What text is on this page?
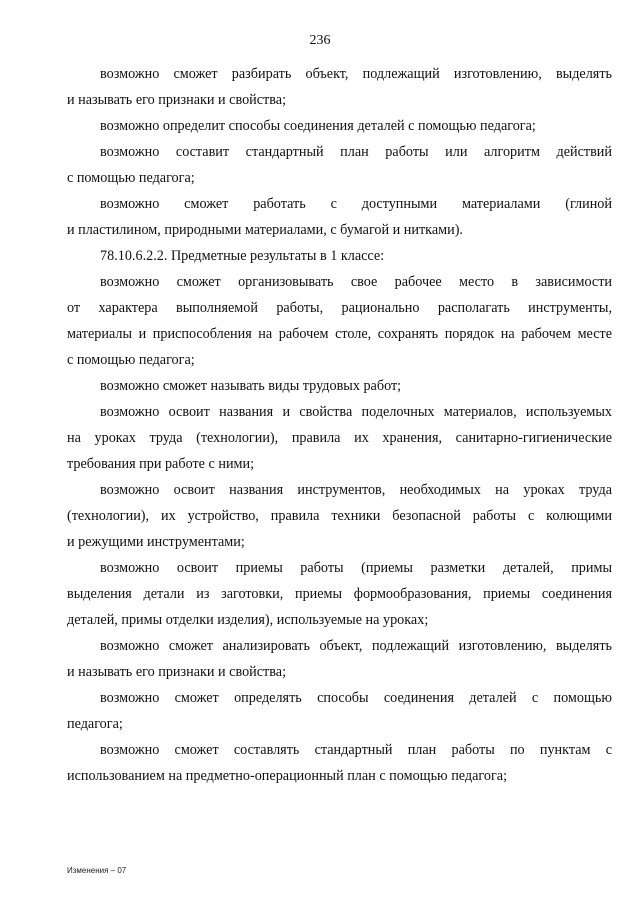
236
возможно сможет разбирать объект, подлежащий изготовлению, выделять
и называть его признаки и свойства;
возможно определит способы соединения деталей с помощью педагога;
возможно составит стандартный план работы или алгоритм действий
с помощью педагога;
возможно сможет работать с доступными материалами (глиной
и пластилином, природными материалами, с бумагой и нитками).
78.10.6.2.2. Предметные результаты в 1 классе:
возможно сможет организовывать свое рабочее место в зависимости
от характера выполняемой работы, рационально располагать инструменты,
материалы и приспособления на рабочем столе, сохранять порядок на рабочем месте
с помощью педагога;
возможно сможет называть виды трудовых работ;
возможно освоит названия и свойства поделочных материалов, используемых
на уроках труда (технологии), правила их хранения, санитарно-гигиенические
требования при работе с ними;
возможно освоит названия инструментов, необходимых на уроках труда
(технологии), их устройство, правила техники безопасной работы с колющими
и режущими инструментами;
возможно освоит приемы работы (приемы разметки деталей, примы
выделения детали из заготовки, приемы формообразования, приемы соединения
деталей, примы отделки изделия), используемые на уроках;
возможно сможет анализировать объект, подлежащий изготовлению, выделять
и называть его признаки и свойства;
возможно сможет определять способы соединения деталей с помощью
педагога;
возможно сможет составлять стандартный план работы по пунктам с
использованием на предметно-операционный план с помощью педагога;
Изменения – 07
